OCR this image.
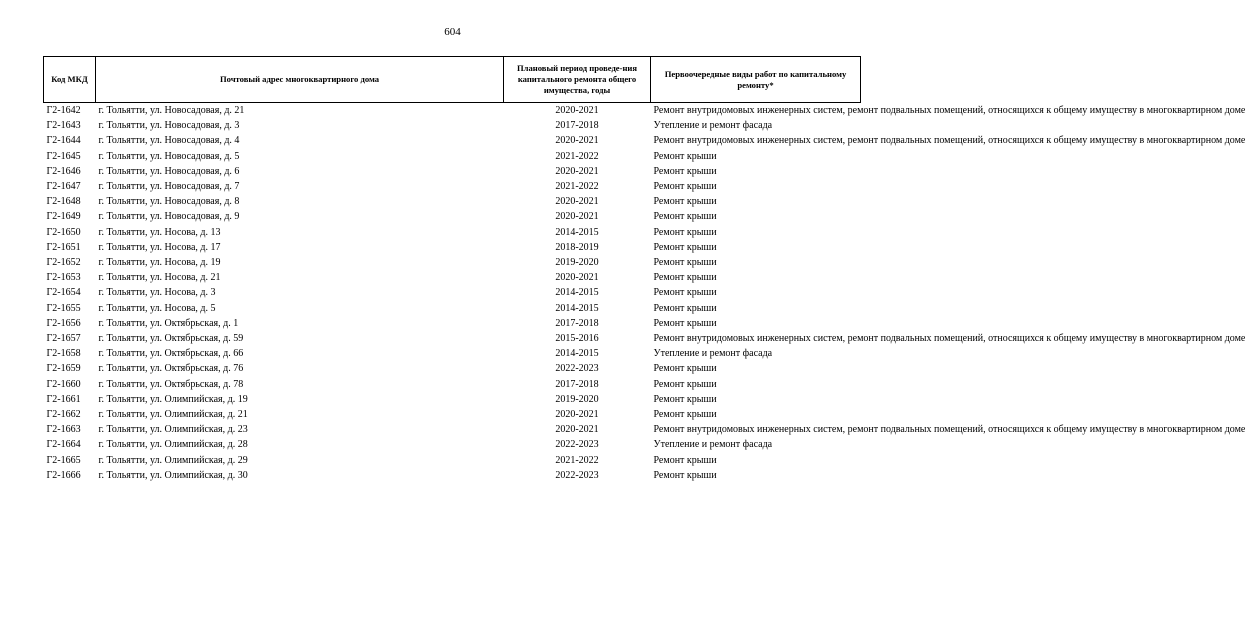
604
Код МКД	Почтовый адрес многоквартирного дома	Плановый период проведе-ния капитального ремонта общего имущества, годы	Первоочередные виды работ по капитальному ремонту*
Г2-1642	г. Тольятти, ул. Новосадовая, д. 21	2020-2021	Ремонт внутридомовых инженерных систем, ремонт подвальных помещений, относящихся к общему имуществу в многоквартирном доме
Г2-1643	г. Тольятти, ул. Новосадовая, д. 3	2017-2018	Утепление и ремонт фасада
Г2-1644	г. Тольятти, ул. Новосадовая, д. 4	2020-2021	Ремонт внутридомовых инженерных систем, ремонт подвальных помещений, относящихся к общему имуществу в многоквартирном доме
Г2-1645	г. Тольятти, ул. Новосадовая, д. 5	2021-2022	Ремонт крыши
Г2-1646	г. Тольятти, ул. Новосадовая, д. 6	2020-2021	Ремонт крыши
Г2-1647	г. Тольятти, ул. Новосадовая, д. 7	2021-2022	Ремонт крыши
Г2-1648	г. Тольятти, ул. Новосадовая, д. 8	2020-2021	Ремонт крыши
Г2-1649	г. Тольятти, ул. Новосадовая, д. 9	2020-2021	Ремонт крыши
Г2-1650	г. Тольятти, ул. Носова, д. 13	2014-2015	Ремонт крыши
Г2-1651	г. Тольятти, ул. Носова, д. 17	2018-2019	Ремонт крыши
Г2-1652	г. Тольятти, ул. Носова, д. 19	2019-2020	Ремонт крыши
Г2-1653	г. Тольятти, ул. Носова, д. 21	2020-2021	Ремонт крыши
Г2-1654	г. Тольятти, ул. Носова, д. 3	2014-2015	Ремонт крыши
Г2-1655	г. Тольятти, ул. Носова, д. 5	2014-2015	Ремонт крыши
Г2-1656	г. Тольятти, ул. Октябрьская, д. 1	2017-2018	Ремонт крыши
Г2-1657	г. Тольятти, ул. Октябрьская, д. 59	2015-2016	Ремонт внутридомовых инженерных систем, ремонт подвальных помещений, относящихся к общему имуществу в многоквартирном доме
Г2-1658	г. Тольятти, ул. Октябрьская, д. 66	2014-2015	Утепление и ремонт фасада
Г2-1659	г. Тольятти, ул. Октябрьская, д. 76	2022-2023	Ремонт крыши
Г2-1660	г. Тольятти, ул. Октябрьская, д. 78	2017-2018	Ремонт крыши
Г2-1661	г. Тольятти, ул. Олимпийская, д. 19	2019-2020	Ремонт крыши
Г2-1662	г. Тольятти, ул. Олимпийская, д. 21	2020-2021	Ремонт крыши
Г2-1663	г. Тольятти, ул. Олимпийская, д. 23	2020-2021	Ремонт внутридомовых инженерных систем, ремонт подвальных помещений, относящихся к общему имуществу в многоквартирном доме
Г2-1664	г. Тольятти, ул. Олимпийская, д. 28	2022-2023	Утепление и ремонт фасада
Г2-1665	г. Тольятти, ул. Олимпийская, д. 29	2021-2022	Ремонт крыши
Г2-1666	г. Тольятти, ул. Олимпийская, д. 30	2022-2023	Ремонт крыши
